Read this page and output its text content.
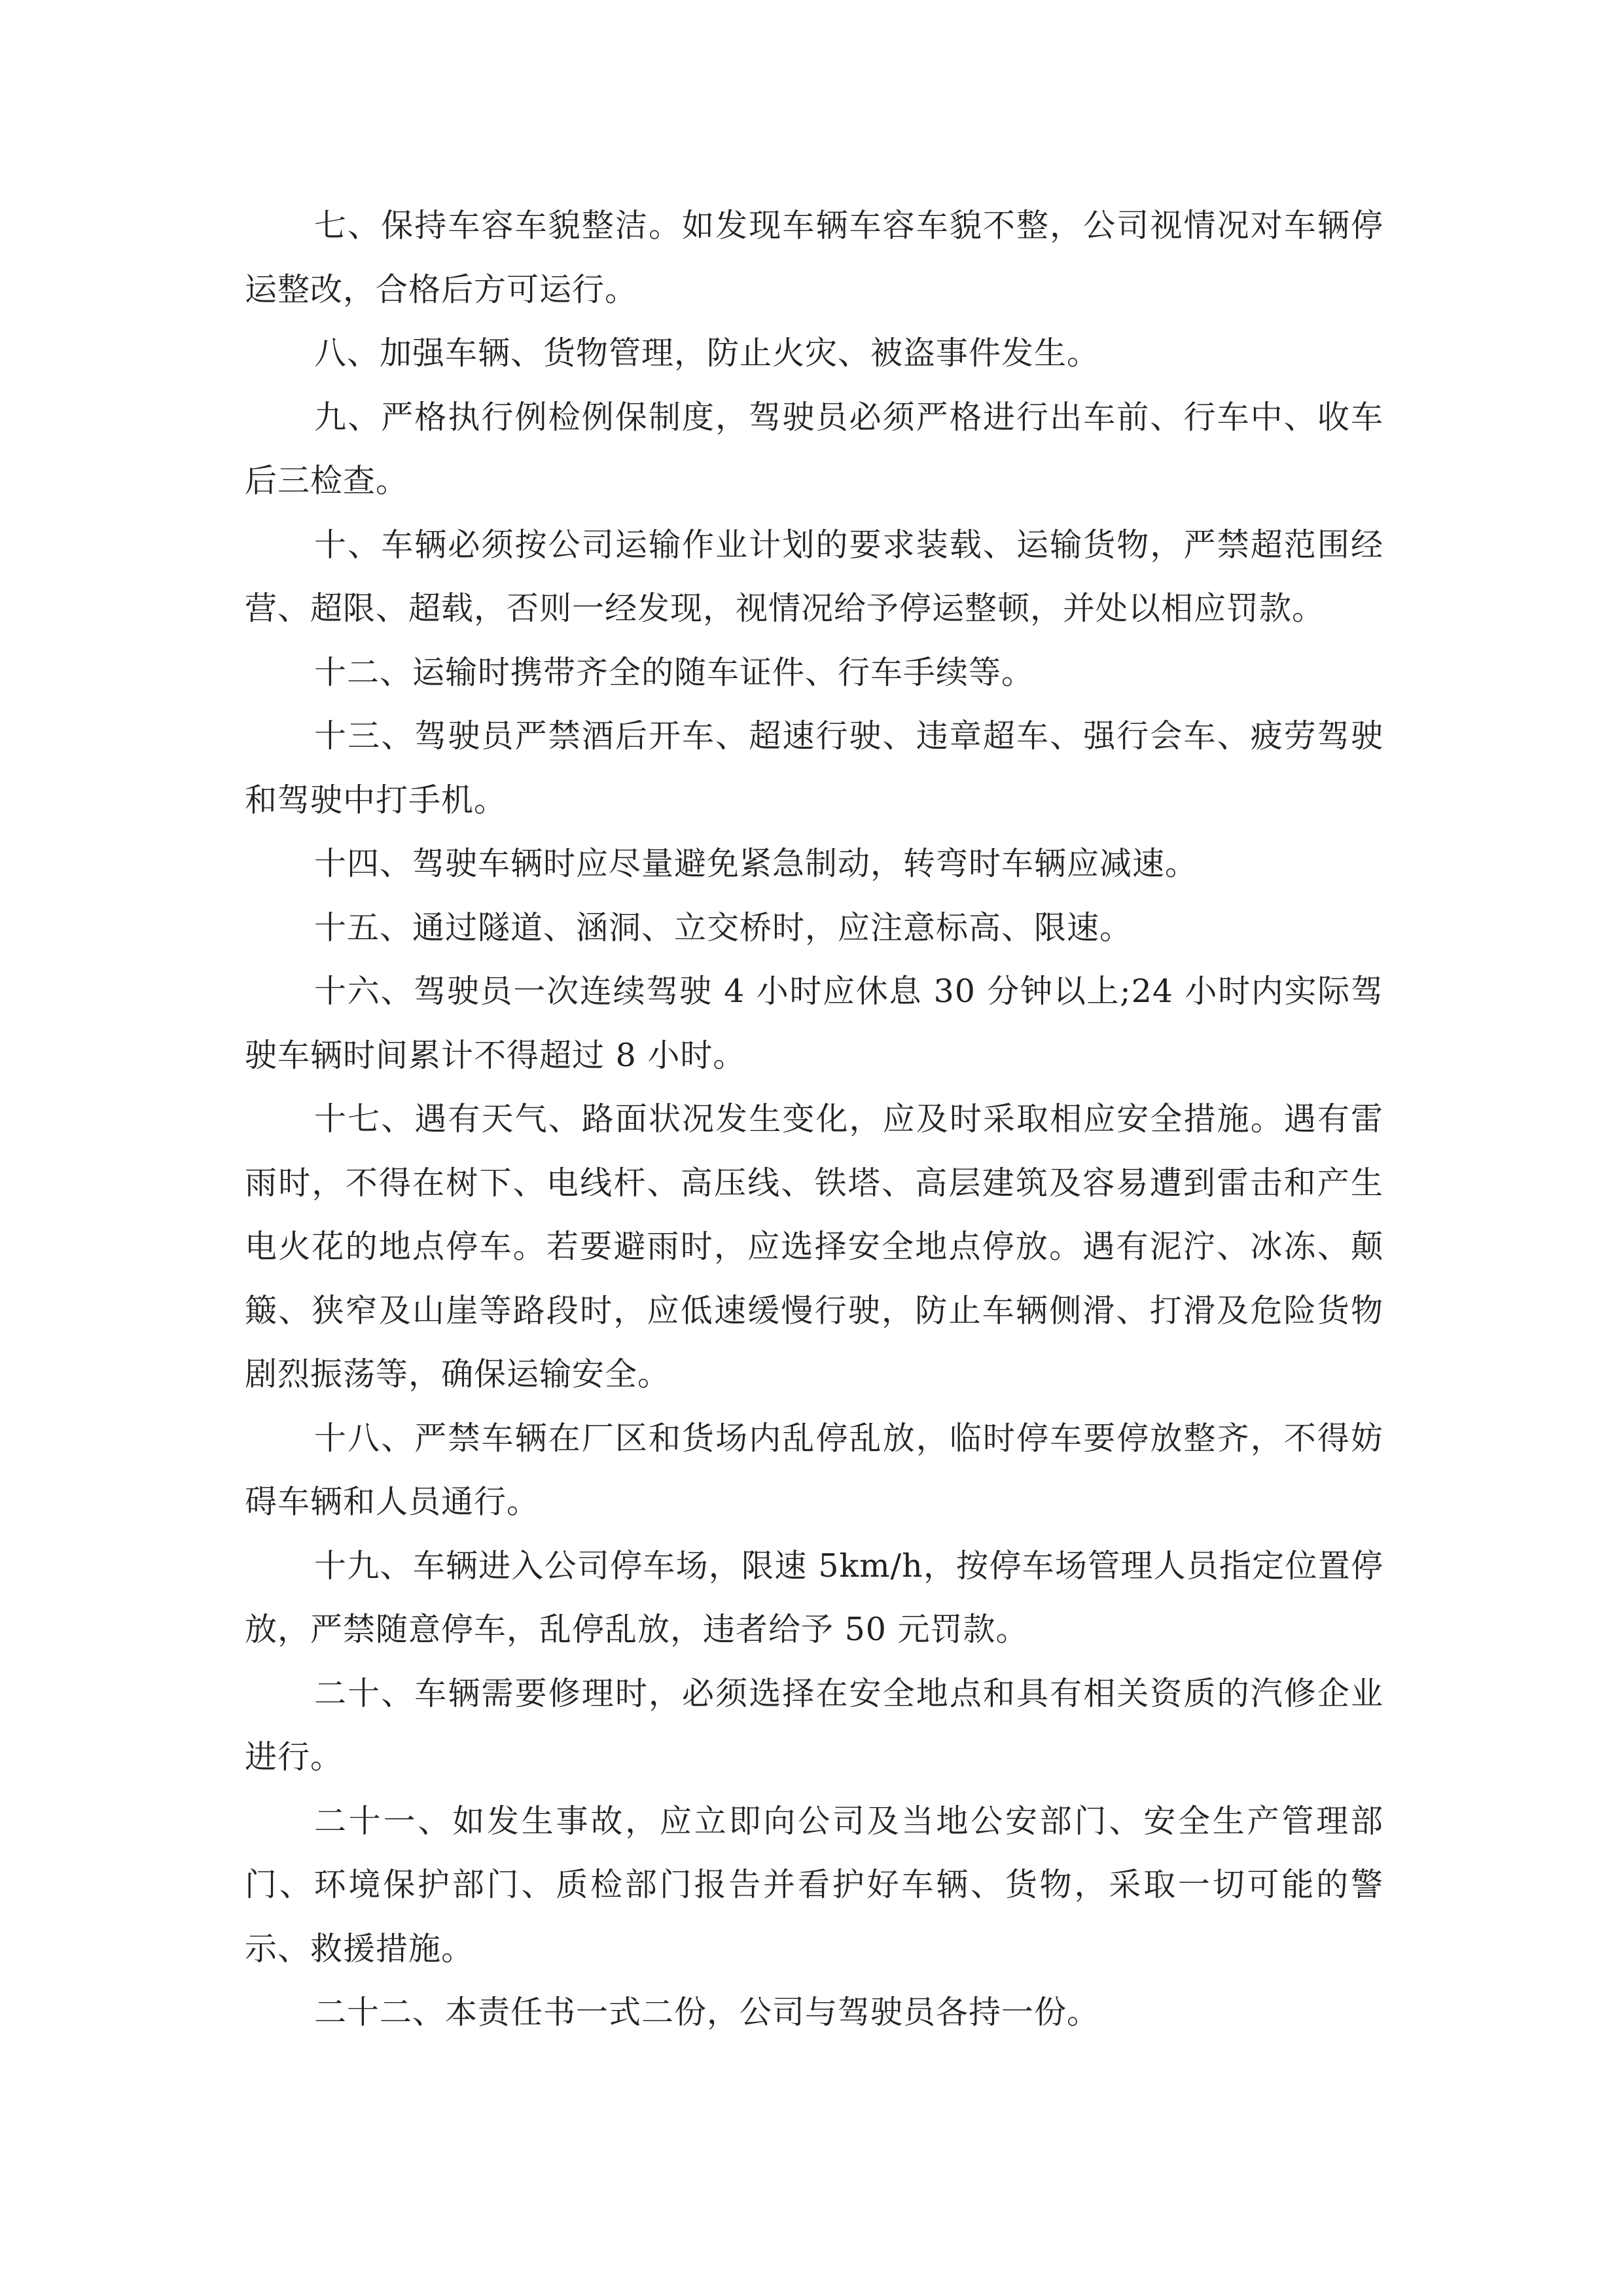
七、保持车容车貌整洁。如发现车辆车容车貌不整，公司视情况对车辆停运整改，合格后方可运行。

八、加强车辆、货物管理，防止火灾、被盗事件发生。

九、严格执行例检例保制度，驾驶员必须严格进行出车前、行车中、收车后三检查。

十、车辆必须按公司运输作业计划的要求装载、运输货物，严禁超范围经营、超限、超载，否则一经发现，视情况给予停运整顿，并处以相应罚款。

十二、运输时携带齐全的随车证件、行车手续等。

十三、驾驶员严禁酒后开车、超速行驶、违章超车、强行会车、疲劳驾驶和驾驶中打手机。

十四、驾驶车辆时应尽量避免紧急制动，转弯时车辆应减速。

十五、通过隧道、涵洞、立交桥时，应注意标高、限速。

十六、驾驶员一次连续驾驶 4 小时应休息 30 分钟以上;24 小时内实际驾驶车辆时间累计不得超过 8 小时。

十七、遇有天气、路面状况发生变化，应及时采取相应安全措施。遇有雷雨时，不得在树下、电线杆、高压线、铁塔、高层建筑及容易遭到雷击和产生电火花的地点停车。若要避雨时，应选择安全地点停放。遇有泥泞、冰冻、颠簸、狭窄及山崖等路段时，应低速缓慢行驶，防止车辆侧滑、打滑及危险货物剧烈振荡等，确保运输安全。

十八、严禁车辆在厂区和货场内乱停乱放，临时停车要停放整齐，不得妨碍车辆和人员通行。

十九、车辆进入公司停车场，限速 5km/h，按停车场管理人员指定位置停放，严禁随意停车，乱停乱放，违者给予 50 元罚款。

二十、车辆需要修理时，必须选择在安全地点和具有相关资质的汽修企业进行。

二十一、如发生事故，应立即向公司及当地公安部门、安全生产管理部门、环境保护部门、质检部门报告并看护好车辆、货物，采取一切可能的警示、救援措施。

二十二、本责任书一式二份，公司与驾驶员各持一份。
